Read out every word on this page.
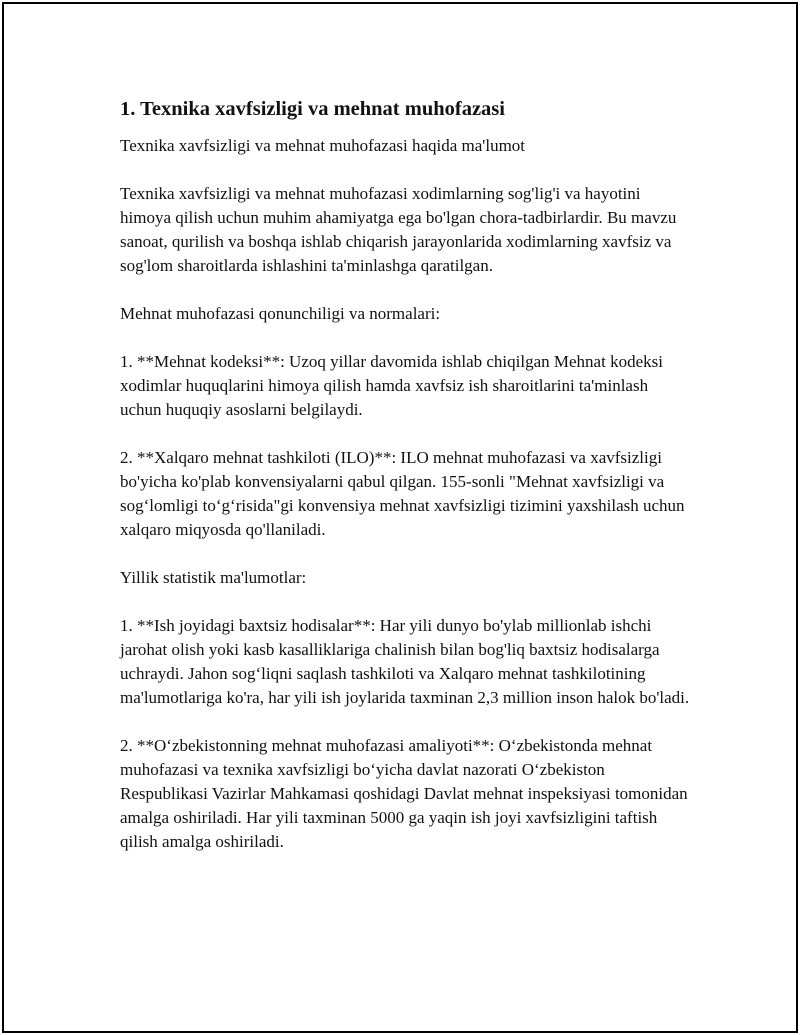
1. Texnika xavfsizligi va mehnat muhofazasi

Texnika xavfsizligi va mehnat muhofazasi haqida ma'lumot

Texnika xavfsizligi va mehnat muhofazasi xodimlarning sog'lig'i va hayotini himoya qilish uchun muhim ahamiyatga ega bo'lgan chora-tadbirlardir. Bu mavzu sanoat, qurilish va boshqa ishlab chiqarish jarayonlarida xodimlarning xavfsiz va sog'lom sharoitlarda ishlashini ta'minlashga qaratilgan.

Mehnat muhofazasi qonunchiligi va normalari:

1. **Mehnat kodeksi**: Uzoq yillar davomida ishlab chiqilgan Mehnat kodeksi xodimlar huquqlarini himoya qilish hamda xavfsiz ish sharoitlarini ta'minlash uchun huquqiy asoslarni belgilaydi.

2. **Xalqaro mehnat tashkiloti (ILO)**: ILO mehnat muhofazasi va xavfsizligi bo'yicha ko'plab konvensiyalarni qabul qilgan. 155-sonli "Mehnat xavfsizligi va sog‘lomligi to‘g‘risida"gi konvensiya mehnat xavfsizligi tizimini yaxshilash uchun xalqaro miqyosda qo'llaniladi.

Yillik statistik ma'lumotlar:

1. **Ish joyidagi baxtsiz hodisalar**: Har yili dunyo bo'ylab millionlab ishchi jarohat olish yoki kasb kasalliklariga chalinish bilan bog'liq baxtsiz hodisalarga uchraydi. Jahon sog‘liqni saqlash tashkiloti va Xalqaro mehnat tashkilotining ma'lumotlariga ko'ra, har yili ish joylarida taxminan 2,3 million inson halok bo'ladi.

2. **O‘zbekistonning mehnat muhofazasi amaliyoti**: O‘zbekistonda mehnat muhofazasi va texnika xavfsizligi bo‘yicha davlat nazorati O‘zbekiston Respublikasi Vazirlar Mahkamasi qoshidagi Davlat mehnat inspeksiyasi tomonidan amalga oshiriladi. Har yili taxminan 5000 ga yaqin ish joyi xavfsizligini taftish qilish amalga oshiriladi.
